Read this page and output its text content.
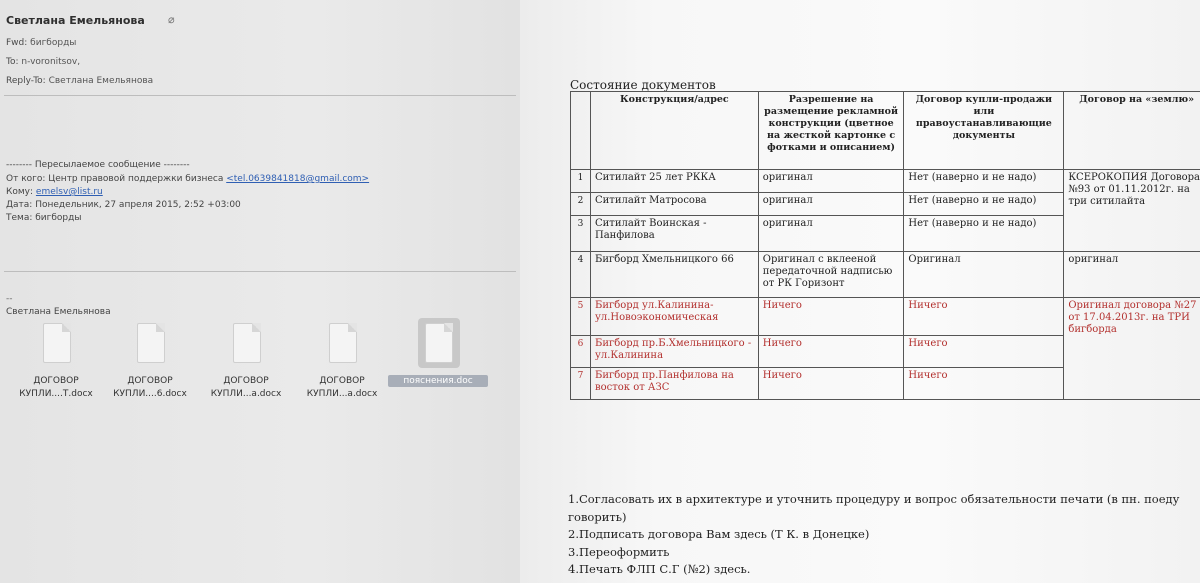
Светлана Емельянова ⌀
Fwd: бигборды
To: n-voronitsov,
Reply-To: Светлана Емельянова
-------- Пересылаемое сообщение --------
От кого: Центр правовой поддержки бизнеса <tel.0639841818@gmail.com>
Кому: emelsv@list.ru
Дата: Понедельник, 27 апреля 2015, 2:52 +03:00
Тема: бигборды
--
Светлана Емельянова
ДОГОВОР
КУПЛИ....Т.docx
ДОГОВОР
КУПЛИ....6.docx
ДОГОВОР
КУПЛИ...а.docx
ДОГОВОР
КУПЛИ...а.docx
пояснения.doc
Состояние документов
	Конструкция/адрес	Разрешение на размещение рекламной конструкции (цветное на жесткой картонке с фотками и описанием)	Договор купли-продажи или правоустанавливающие документы	Договор на «землю»
1	Ситилайт 25 лет РККА	оригинал	Нет (наверно и не надо)	КСЕРОКОПИЯ Договора №93 от 01.11.2012г. на три ситилайта
2	Ситилайт Матросова	оригинал	Нет (наверно и не надо)	
3	Ситилайт Воинская - Панфилова	оригинал	Нет (наверно и не надо)	
4	Бигборд Хмельницкого 66	Оригинал с вклееной передаточной надписью от РК Горизонт	Оригинал	оригинал
5	Бигборд ул.Калинина-ул.Новоэкономическая	Ничего	Ничего	Оригинал договора №27 от 17.04.2013г. на ТРИ бигборда
6	Бигборд пр.Б.Хмельницкого - ул.Калинина	Ничего	Ничего	
7	Бигборд пр.Панфилова на восток от АЗС	Ничего	Ничего	
1.Согласовать их в архитектуре и уточнить процедуру и вопрос обязательности печати (в пн. поеду говорить)
2.Подписать договора Вам здесь (Т К. в Донецке)
3.Переоформить
4.Печать ФЛП С.Г (№2) здесь.
